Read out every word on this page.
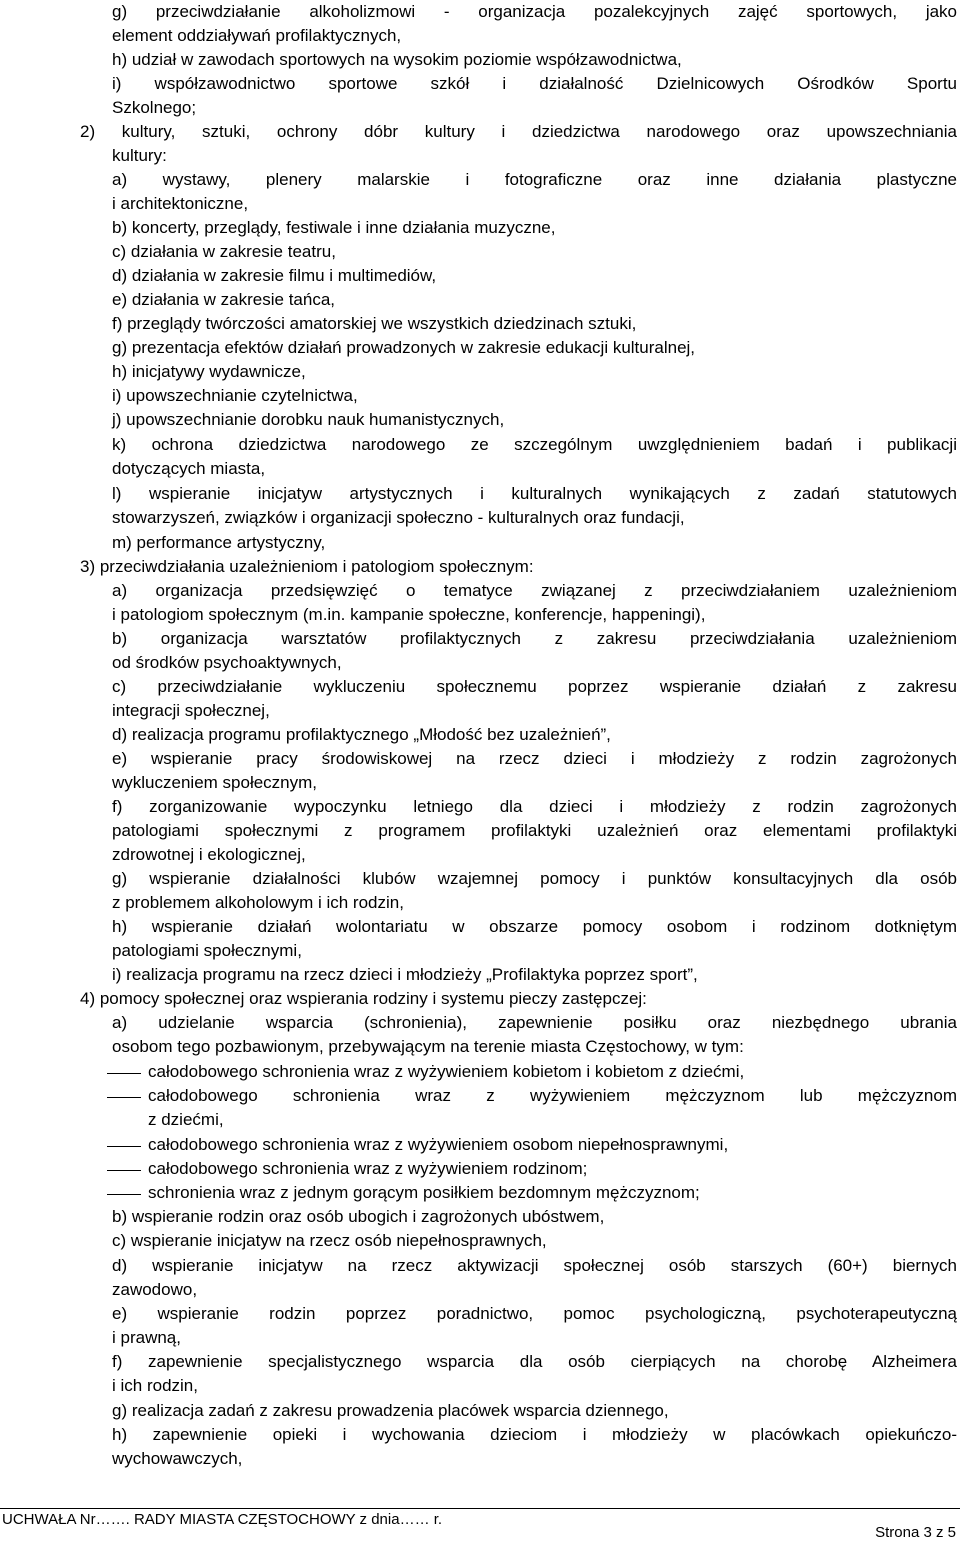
g) przeciwdziałanie alkoholizmowi - organizacja pozalekcyjnych zajęć sportowych, jako
element oddziaływań profilaktycznych,
h) udział w zawodach sportowych na wysokim poziomie współzawodnictwa,
i) współzawodnictwo sportowe szkół i działalność Dzielnicowych Ośrodków Sportu
Szkolnego;
2) kultury, sztuki, ochrony dóbr kultury i dziedzictwa narodowego oraz upowszechniania
kultury:
a) wystawy, plenery malarskie i fotograficzne oraz inne działania plastyczne
i architektoniczne,
b) koncerty, przeglądy, festiwale i inne działania muzyczne,
c) działania w zakresie teatru,
d) działania w zakresie filmu i multimediów,
e) działania w zakresie tańca,
f) przeglądy twórczości amatorskiej we wszystkich dziedzinach sztuki,
g) prezentacja efektów działań prowadzonych w zakresie edukacji kulturalnej,
h) inicjatywy wydawnicze,
i) upowszechnianie czytelnictwa,
j) upowszechnianie dorobku nauk humanistycznych,
k) ochrona dziedzictwa narodowego ze szczególnym uwzględnieniem badań i publikacji
dotyczących miasta,
l) wspieranie inicjatyw artystycznych i kulturalnych wynikających z zadań statutowych
stowarzyszeń, związków i organizacji społeczno - kulturalnych oraz fundacji,
m) performance artystyczny,
3) przeciwdziałania uzależnieniom i patologiom społecznym:
a) organizacja przedsięwzięć o tematyce związanej z przeciwdziałaniem uzależnieniom
i patologiom społecznym (m.in. kampanie społeczne, konferencje, happeningi),
b) organizacja warsztatów profilaktycznych z zakresu przeciwdziałania uzależnieniom
od środków psychoaktywnych,
c) przeciwdziałanie wykluczeniu społecznemu poprzez wspieranie działań z zakresu
integracji społecznej,
d) realizacja programu profilaktycznego „Młodość bez uzależnień”,
e) wspieranie pracy środowiskowej na rzecz dzieci i młodzieży z rodzin zagrożonych
wykluczeniem społecznym,
f) zorganizowanie wypoczynku letniego dla dzieci i młodzieży z rodzin zagrożonych
patologiami społecznymi z programem profilaktyki uzależnień oraz elementami profilaktyki
zdrowotnej i ekologicznej,
g) wspieranie działalności klubów wzajemnej pomocy i punktów konsultacyjnych dla osób
z problemem alkoholowym i ich rodzin,
h) wspieranie działań wolontariatu w obszarze pomocy osobom i rodzinom dotkniętym
patologiami społecznymi,
i) realizacja programu na rzecz dzieci i młodzieży „Profilaktyka poprzez sport”,
4) pomocy społecznej oraz wspierania rodziny i systemu pieczy zastępczej:
a) udzielanie wsparcia (schronienia), zapewnienie posiłku oraz niezbędnego ubrania
osobom tego pozbawionym, przebywającym na terenie miasta Częstochowy, w tym:
całodobowego schronienia wraz z wyżywieniem kobietom i kobietom z dziećmi,
całodobowego schronienia wraz z wyżywieniem mężczyznom lub mężczyznom
z dziećmi,
całodobowego schronienia wraz z wyżywieniem osobom niepełnosprawnymi,
całodobowego schronienia wraz z wyżywieniem rodzinom;
schronienia wraz z jednym gorącym posiłkiem bezdomnym mężczyznom;
b) wspieranie rodzin oraz osób ubogich i zagrożonych ubóstwem,
c) wspieranie inicjatyw na rzecz osób niepełnosprawnych,
d) wspieranie inicjatyw na rzecz aktywizacji społecznej osób starszych (60+) biernych
zawodowo,
e) wspieranie rodzin poprzez poradnictwo, pomoc psychologiczną, psychoterapeutyczną
i prawną,
f) zapewnienie specjalistycznego wsparcia dla osób cierpiących na chorobę Alzheimera
i ich rodzin,
g) realizacja zadań z zakresu prowadzenia placówek wsparcia dziennego,
h) zapewnienie opieki i wychowania dzieciom i młodzieży w placówkach opiekuńczo-
wychowawczych,
UCHWAŁA Nr……. RADY MIASTA CZĘSTOCHOWY z dnia…… r.
Strona 3 z 5
